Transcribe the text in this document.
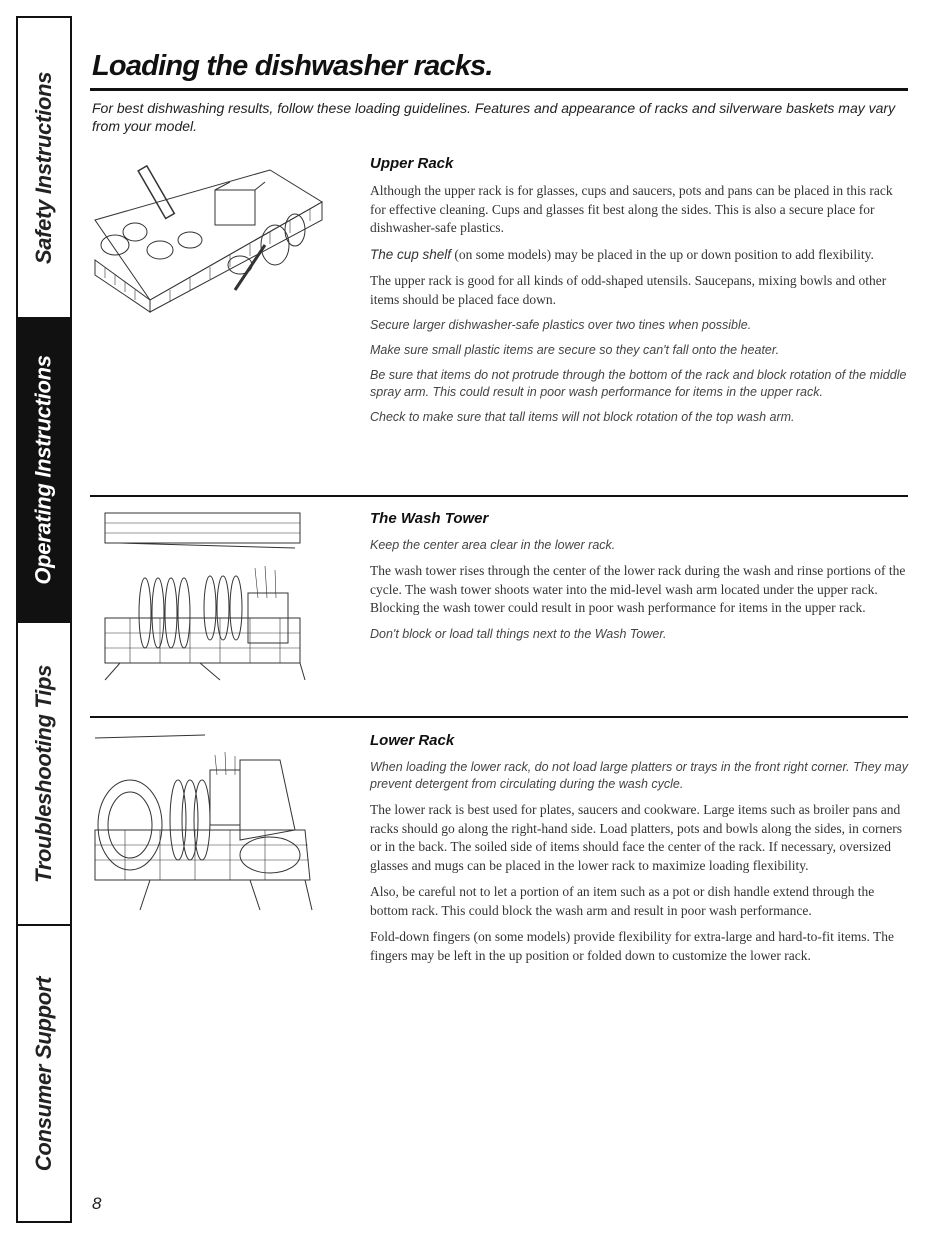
Safety Instructions
Operating Instructions
Troubleshooting Tips
Consumer Support
Loading the dishwasher racks.

For best dishwashing results, follow these loading guidelines. Features and appearance of racks and silverware baskets may vary from your model.

Upper Rack

Although the upper rack is for glasses, cups and saucers, pots and pans can be placed in this rack for effective cleaning. Cups and glasses fit best along the sides. This is also a secure place for dishwasher-safe plastics.

The cup shelf (on some models) may be placed in the up or down position to add flexibility.

The upper rack is good for all kinds of odd-shaped utensils. Saucepans, mixing bowls and other items should be placed face down.

Secure larger dishwasher-safe plastics over two tines when possible.

Make sure small plastic items are secure so they can't fall onto the heater.

Be sure that items do not protrude through the bottom of the rack and block rotation of the middle spray arm. This could result in poor wash performance for items in the upper rack.

Check to make sure that tall items will not block rotation of the top wash arm.

The Wash Tower

Keep the center area clear in the lower rack.

The wash tower rises through the center of the lower rack during the wash and rinse portions of the cycle. The wash tower shoots water into the mid-level wash arm located under the upper rack. Blocking the wash tower could result in poor wash performance for items in the upper rack.

Don't block or load tall things next to the Wash Tower.

Lower Rack

When loading the lower rack, do not load large platters or trays in the front right corner. They may prevent detergent from circulating during the wash cycle.

The lower rack is best used for plates, saucers and cookware. Large items such as broiler pans and racks should go along the right-hand side. Load platters, pots and bowls along the sides, in corners or in the back. The soiled side of items should face the center of the rack. If necessary, oversized glasses and mugs can be placed in the lower rack to maximize loading flexibility.

Also, be careful not to let a portion of an item such as a pot or dish handle extend through the bottom rack. This could block the wash arm and result in poor wash performance.

Fold-down fingers (on some models) provide flexibility for extra-large and hard-to-fit items. The fingers may be left in the up position or folded down to customize the lower rack.

8
